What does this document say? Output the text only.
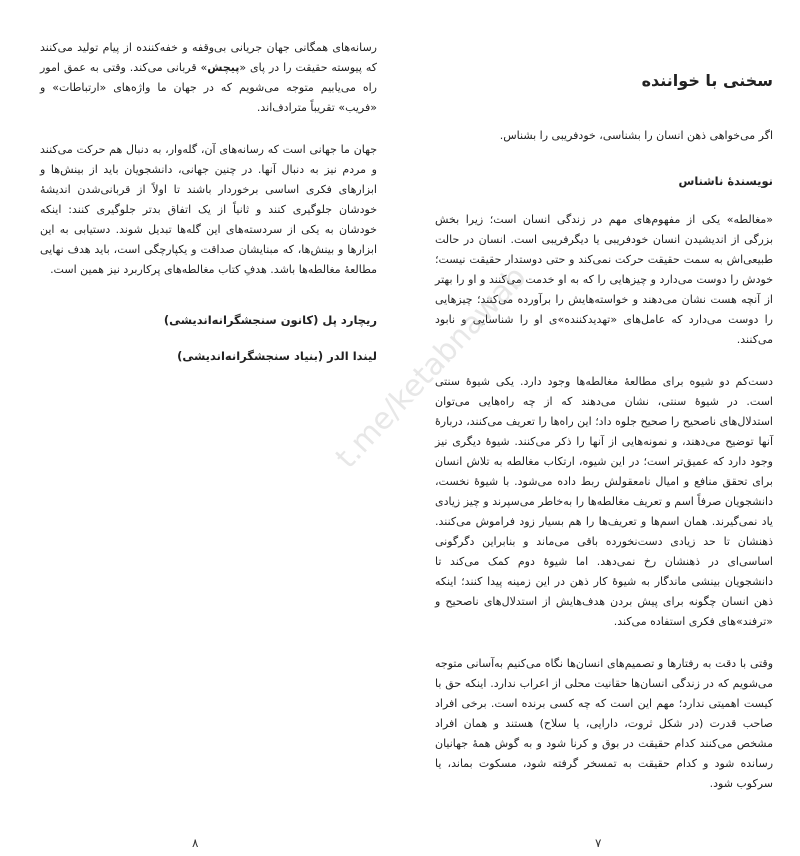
رسانه‌های همگانی جهان جریانی بی‌وقفه و خفه‌کننده از پیام تولید می‌کنند که پیوسته حقیقت را در پای «پیچش» قربانی می‌کند. وقتی به عمق امور راه می‌یابیم متوجه می‌شویم که در جهان ما واژه‌های «ارتباطات» و «فریب» تقریباً مترادف‌اند.

جهان ما جهانی است که رسانه‌های آن، گله‌وار، به دنبال هم حرکت می‌کنند و مردم نیز به دنبال آنها. در چنین جهانی، دانشجویان باید از بینش‌ها و ابزارهای فکری اساسی برخوردار باشند تا اولاً از قربانی‌شدن اندیشهٔ خودشان جلوگیری کنند و ثانیاً از یک اتفاق بدتر جلوگیری کنند: اینکه خودشان به یکی از سردسته‌های این گله‌ها تبدیل شوند. دستیابی به این ابزارها و بینش‌ها، که مبنایشان صداقت و یکپارچگی است، باید هدف نهایی مطالعهٔ مغالطه‌ها باشد. هدفِ کتاب مغالطه‌های پرکاربرد نیز همین است.

ریچارد پل (کانون سنجشگرانه‌اندیشی)
لیندا الدر (بنیاد سنجشگرانه‌اندیشی)
۸
سخنی با خواننده

اگر می‌خواهی ذهن انسان را بشناسی، خودفریبی را بشناس.

نویسندهٔ ناشناس

«مغالطه» یکی از مفهوم‌های مهم در زندگی انسان است؛ زیرا بخش بزرگی از اندیشیدن انسان خودفریبی یا دیگرفریبی است. انسان در حالت طبیعی‌اش به سمت حقیقت حرکت نمی‌کند و حتی دوستدار حقیقت نیست؛ خودش را دوست می‌دارد و چیزهایی را که به او خدمت می‌کنند و او را بهتر از آنچه هست نشان می‌دهند و خواسته‌هایش را برآورده می‌کنند؛ چیزهایی را دوست می‌دارد که عامل‌های «تهدیدکننده»ی او را شناسایی و نابود می‌کنند.

دست‌کم دو شیوه برای مطالعهٔ مغالطه‌ها وجود دارد. یکی شیوهٔ سنتی است. در شیوهٔ سنتی، نشان می‌دهند که از چه راه‌هایی می‌توان استدلال‌های ناصحیح را صحیح جلوه داد؛ این راه‌ها را تعریف می‌کنند، دربارهٔ آنها توضیح می‌دهند، و نمونه‌هایی از آنها را ذکر می‌کنند. شیوهٔ دیگری نیز وجود دارد که عمیق‌تر است؛ در این شیوه، ارتکاب مغالطه به تلاش انسان برای تحقق منافع و امیال نامعقولش ربط داده می‌شود. با شیوهٔ نخست، دانشجویان صرفاً اسم و تعریف مغالطه‌ها را به‌خاطر می‌سپرند و چیز زیادی یاد نمی‌گیرند. همان اسم‌ها و تعریف‌ها را هم بسیار زود فراموش می‌کنند. ذهنشان تا حد زیادی دست‌نخورده باقی می‌ماند و بنابراین دگرگونی اساسی‌ای در ذهنشان رخ نمی‌دهد. اما شیوهٔ دوم کمک می‌کند تا دانشجویان بینشی ماندگار به شیوهٔ کار ذهن در این زمینه پیدا کنند؛ اینکه ذهن انسان چگونه برای پیش بردن هدف‌هایش از استدلال‌های ناصحیح و «ترفند»های فکری استفاده می‌کند.

وقتی با دقت به رفتارها و تصمیم‌های انسان‌ها نگاه می‌کنیم به‌آسانی متوجه می‌شویم که در زندگی انسان‌ها حقانیت محلی از اعراب ندارد. اینکه حق با کیست اهمیتی ندارد؛ مهم این است که چه کسی برنده است. برخی افراد صاحب قدرت (در شکل ثروت، دارایی، یا سلاح) هستند و همان افراد مشخص می‌کنند کدام حقیقت در بوق و کرنا شود و به گوش همهٔ جهانیان رسانده شود و کدام حقیقت به تمسخر گرفته شود، مسکوت بماند، یا سرکوب شود.

۷
t.me/ketabnawab
